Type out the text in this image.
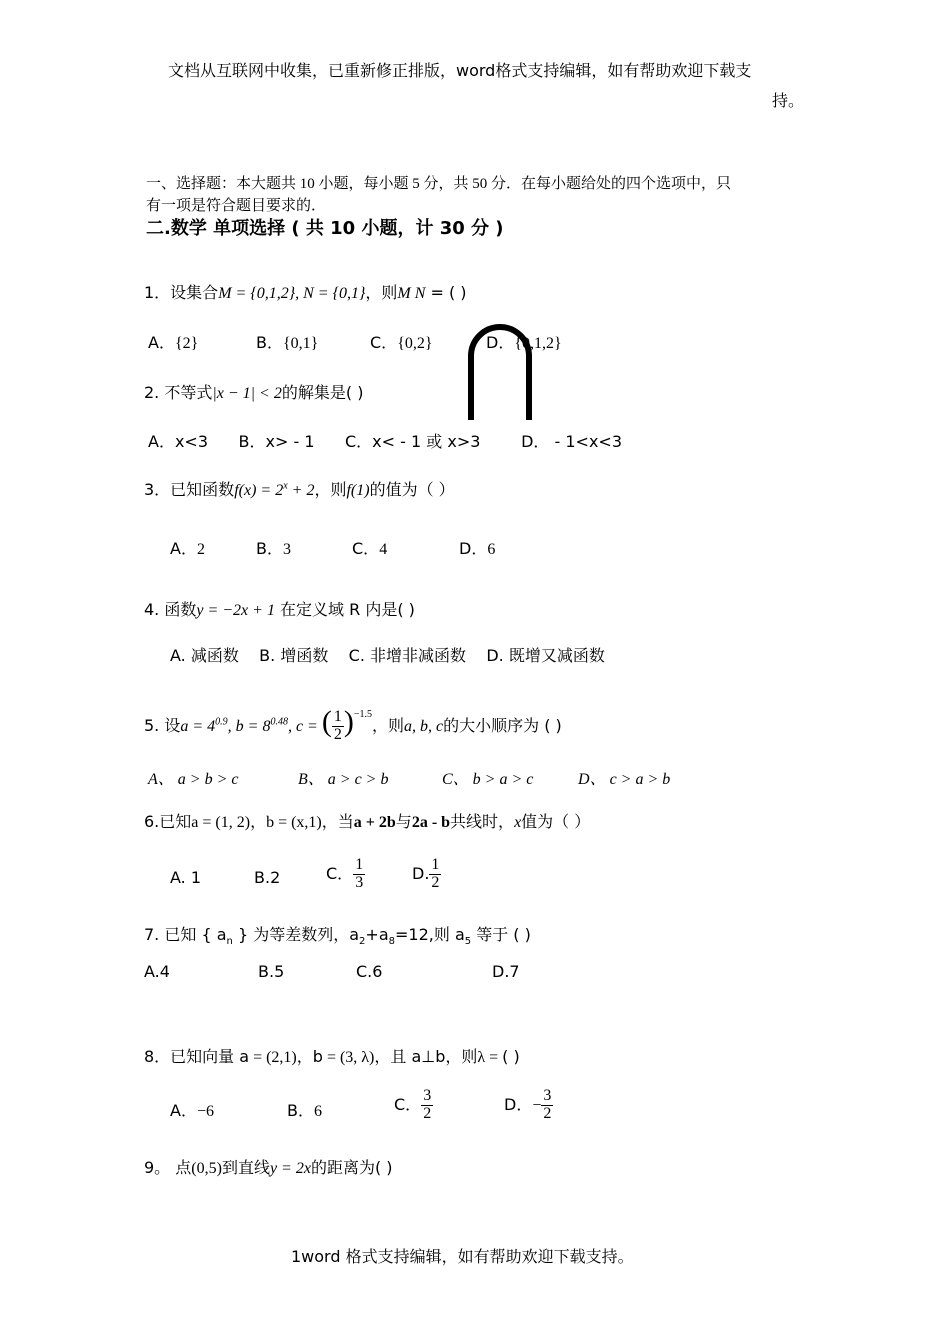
文档从互联网中收集，已重新修正排版，word格式支持编辑，如有帮助欢迎下载支
持。
一、选择题：本大题共 10 小题，每小题 5 分，共 50 分．在每小题给处的四个选项中，只
有一项是符合题目要求的．
二.数学 单项选择 ( 共 10 小题，计 30 分 )
1．设集合M = {0,1,2}, N = {0,1}，则M N = ( )
A．{2}	B．{0,1}	C．{0,2}	D．{0,1,2}
2. 不等式|x − 1| < 2的解集是( )
A．x<3      B．x> - 1      C．x< - 1 或 x>3        D． - 1<x<3
3．已知函数$f(x) = 2^x + 2$，则f(1)的值为（ ）
A．2	B．3	C．4	D．6
4. 函数y = −2x + 1 在定义域 R 内是( )
A. 减函数    B. 增函数    C. 非增非减函数    D. 既增又减函数
5. 设$a = 4^{0.9}$, $b = 8^{0.48}$, c = ( $\frac{1}{2} )^{-1.5}$，则a, b, c的大小顺序为 ( )
A、 a > b > c	B、 a > c > b	C、 b > a > c	D、 c > a > b
6.已知a = (1, 2)，b = (x,1)，当a + 2b与2a - b共线时，x值为（ ）
A. 1	B.2	C． $\frac{1}{3}$	D. $\frac{1}{2}$
7. 已知 { $a_n$ } 为等差数列，$a_2+a_8=12$,则 $a_5$ 等于 ( )
A.4	B.5	C.6	D.7
8．已知向量 a = (2,1)，b = (3, λ)，且 a⊥b，则λ = ( )
A．−6	B．6	C． $\frac{3}{2}$	D．− $\frac{3}{2}$
9。 点(0,5)到直线y = 2x的距离为( )
1word 格式支持编辑，如有帮助欢迎下载支持。
